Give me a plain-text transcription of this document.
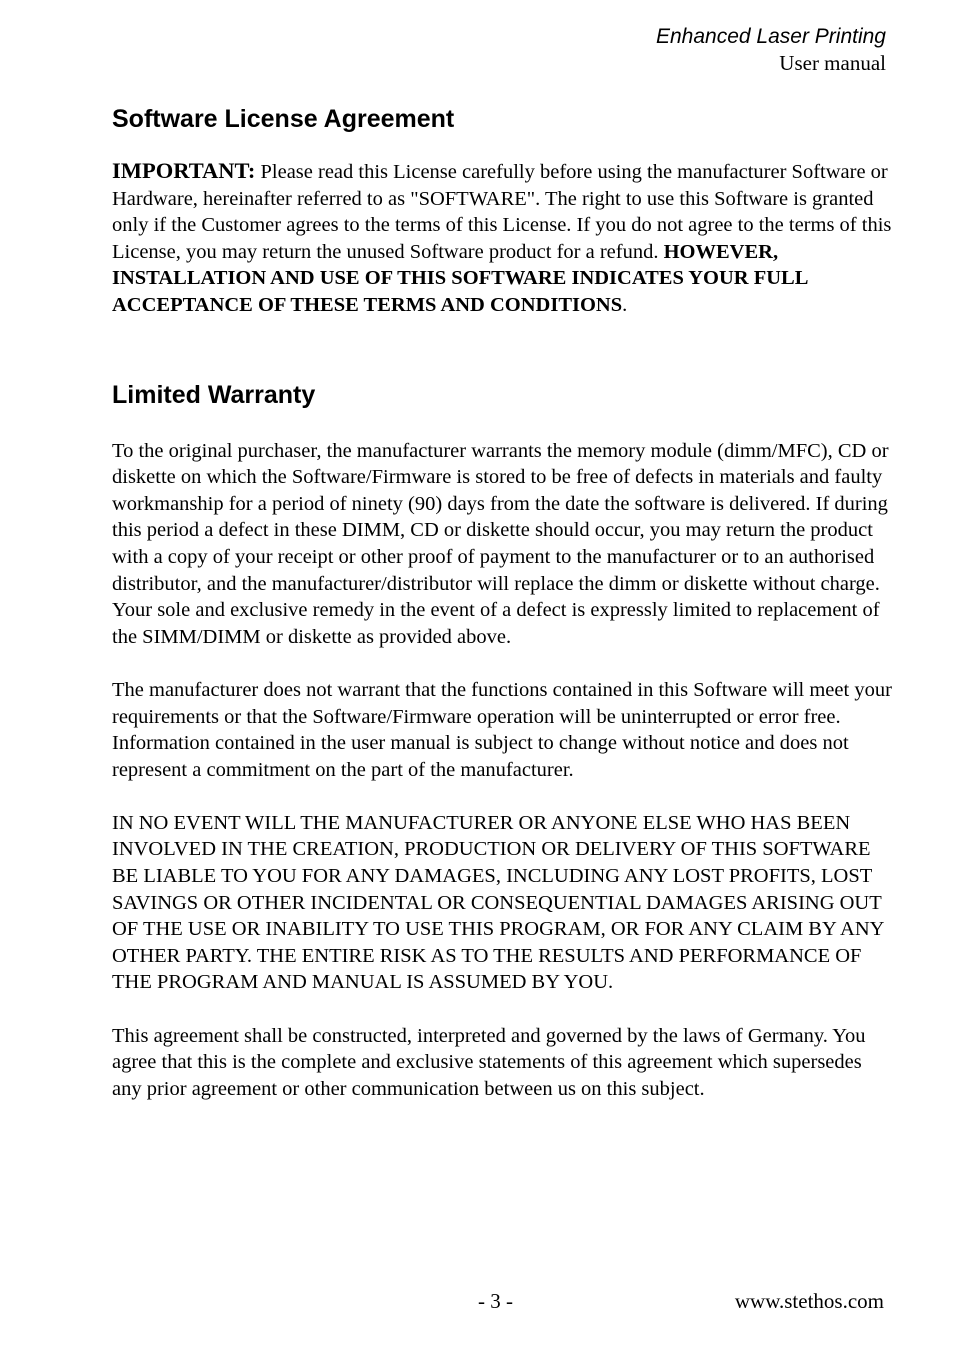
Enhanced Laser Printing
User manual
Software License Agreement

IMPORTANT: Please read this License carefully before using the manufacturer Software or Hardware, hereinafter referred to as "SOFTWARE". The right to use this Software is granted only if the Customer agrees to the terms of this License. If you do not agree to the terms of this License, you may return the unused Software product for a refund. HOWEVER, INSTALLATION AND USE OF THIS SOFTWARE INDICATES YOUR FULL ACCEPTANCE OF THESE TERMS AND CONDITIONS.

Limited Warranty

To the original purchaser, the manufacturer warrants the memory module (dimm/MFC), CD or diskette on which the Software/Firmware is stored to be free of defects in materials and faulty workmanship for a period of ninety (90) days from the date the software is delivered. If during this period a defect in these DIMM, CD or diskette should occur, you may return the product with a copy of your receipt or other proof of payment to the manufacturer or to an authorised distributor, and the manufacturer/distributor will replace the dimm or diskette without charge. Your sole and exclusive remedy in the event of a defect is expressly limited to replacement of the SIMM/DIMM or diskette as provided above.

The manufacturer does not warrant that the functions contained in this Software will meet your requirements or that the Software/Firmware operation will be uninterrupted or error free. Information contained in the user manual is subject to change without notice and does not represent a commitment on the part of the manufacturer.

IN NO EVENT WILL THE MANUFACTURER OR ANYONE ELSE WHO HAS BEEN INVOLVED IN THE CREATION, PRODUCTION OR DELIVERY OF THIS SOFTWARE BE LIABLE TO YOU FOR ANY DAMAGES, INCLUDING ANY LOST PROFITS, LOST SAVINGS OR OTHER INCIDENTAL OR CONSEQUENTIAL DAMAGES ARISING OUT OF THE USE OR INABILITY TO USE THIS PROGRAM, OR FOR ANY CLAIM BY ANY OTHER PARTY. THE ENTIRE RISK AS TO THE RESULTS AND PERFORMANCE OF THE PROGRAM AND MANUAL IS ASSUMED BY YOU.

This agreement shall be constructed, interpreted and governed by the laws of Germany. You agree that this is the complete and exclusive statements of this agreement which supersedes any prior agreement or other communication between us on this subject.

- 3 -	www.stethos.com
